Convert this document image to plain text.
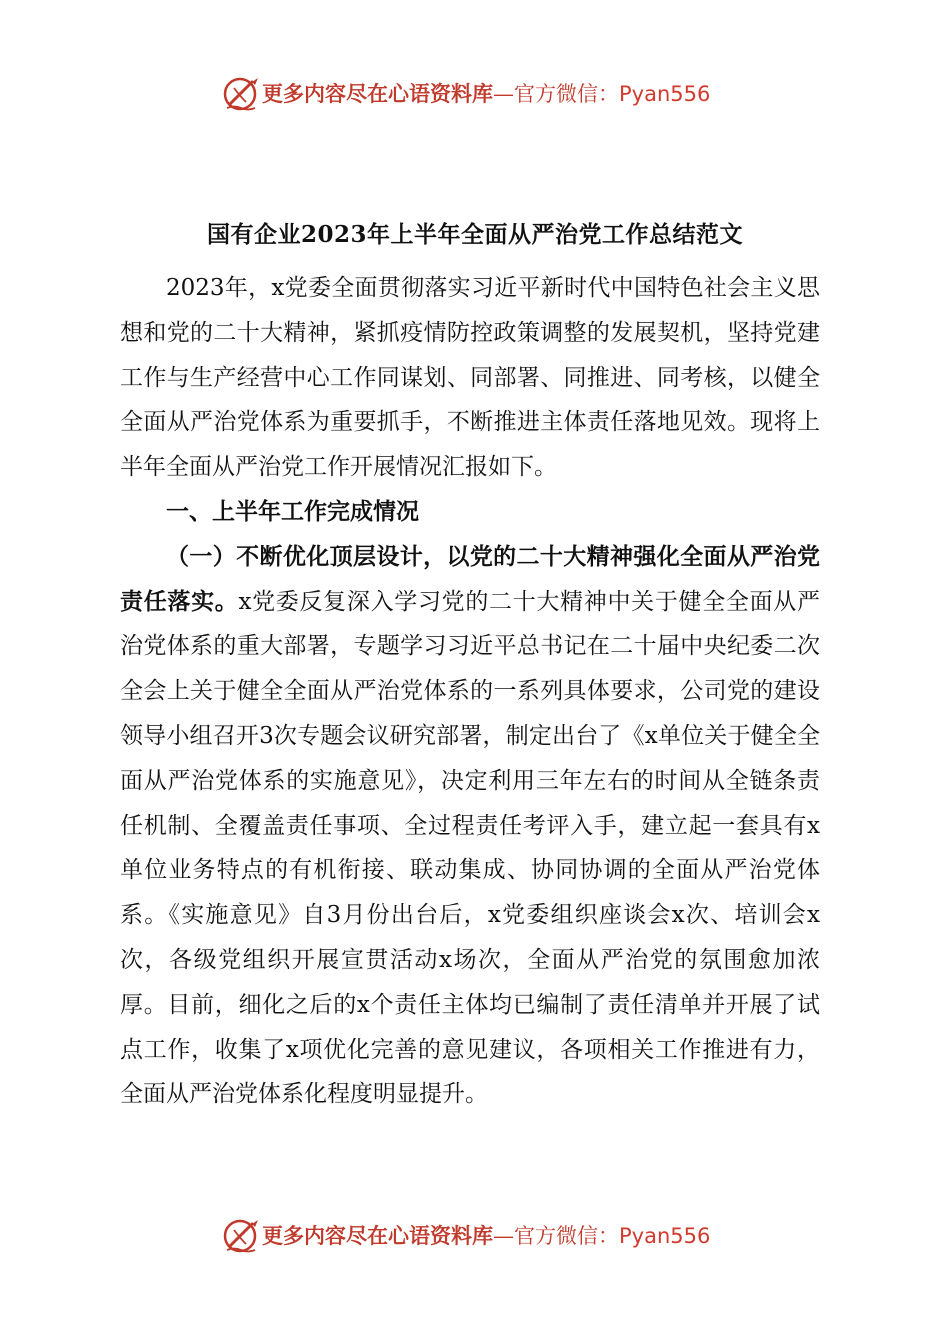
更多内容尽在心语资料库—官方微信：Pyan556
国有企业2023年上半年全面从严治党工作总结范文

2023年，x党委全面贯彻落实习近平新时代中国特色社会主义思想和党的二十大精神，紧抓疫情防控政策调整的发展契机，坚持党建工作与生产经营中心工作同谋划、同部署、同推进、同考核，以健全全面从严治党体系为重要抓手，不断推进主体责任落地见效。现将上半年全面从严治党工作开展情况汇报如下。

一、上半年工作完成情况

（一）不断优化顶层设计，以党的二十大精神强化全面从严治党责任落实。x党委反复深入学习党的二十大精神中关于健全全面从严治党体系的重大部署，专题学习习近平总书记在二十届中央纪委二次全会上关于健全全面从严治党体系的一系列具体要求，公司党的建设领导小组召开3次专题会议研究部署，制定出台了《x单位关于健全全面从严治党体系的实施意见》，决定利用三年左右的时间从全链条责任机制、全覆盖责任事项、全过程责任考评入手，建立起一套具有x单位业务特点的有机衔接、联动集成、协同协调的全面从严治党体系。《实施意见》自3月份出台后，x党委组织座谈会x次、培训会x次，各级党组织开展宣贯活动x场次，全面从严治党的氛围愈加浓厚。目前，细化之后的x个责任主体均已编制了责任清单并开展了试点工作，收集了x项优化完善的意见建议，各项相关工作推进有力，全面从严治党体系化程度明显提升。

更多内容尽在心语资料库—官方微信：Pyan556
